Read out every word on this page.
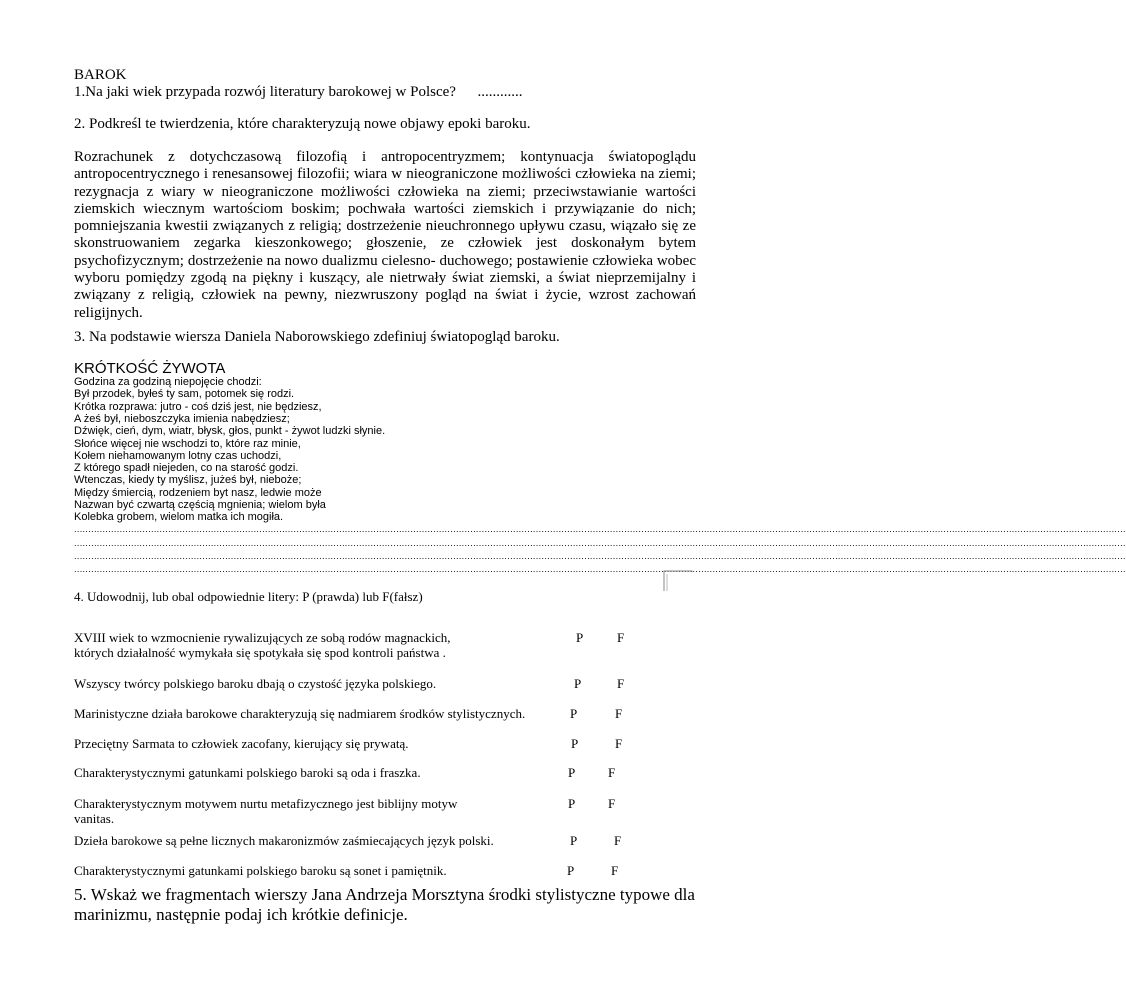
BAROK
1.Na jaki wiek przypada rozwój literatury barokowej w Polsce? ............
2. Podkreśl te twierdzenia, które charakteryzują nowe objawy epoki baroku.
Rozrachunek z dotychczasową filozofią i antropocentryzmem; kontynuacja światopoglądu antropocentrycznego i renesansowej filozofii; wiara w nieograniczone możliwości człowieka na ziemi; rezygnacja z wiary w nieograniczone możliwości człowieka na ziemi; przeciwstawianie wartości ziemskich wiecznym wartościom boskim; pochwała wartości ziemskich i przywiązanie do nich; pomniejszania kwestii związanych z religią; dostrzeżenie nieuchronnego upływu czasu, wiązało się ze skonstruowaniem zegarka kieszonkowego; głoszenie, ze człowiek jest doskonałym bytem psychofizycznym; dostrzeżenie na nowo dualizmu cielesno- duchowego; postawienie człowieka wobec wyboru pomiędzy zgodą na piękny i kuszący, ale nietrwały świat ziemski, a świat nieprzemijalny i związany z religią, człowiek na pewny, niezwruszony pogląd na świat i życie, wzrost zachowań religijnych.
3. Na podstawie wiersza Daniela Naborowskiego zdefiniuj światopogląd baroku.
KRÓTKOŚĆ ŻYWOTA
Godzina za godziną niepojęcie chodzi:
Był przodek, byłeś ty sam, potomek się rodzi.
Krótka rozprawa: jutro - coś dziś jest, nie będziesz,
A żeś był, nieboszczyka imienia nabędziesz;
Dźwięk, cień, dym, wiatr, błysk, głos, punkt - żywot ludzki słynie.
Słońce więcej nie wschodzi to, które raz minie,
Kołem niehamowanym lotny czas uchodzi,
Z którego spadł niejeden, co na starość godzi.
Wtenczas, kiedy ty myślisz, jużeś był, nieboże;
Między śmiercią, rodzeniem byt nasz, ledwie może
Nazwan być czwartą częścią mgnienia; wielom była
Kolebka grobem, wielom matka ich mogiła.
.................................................................................................................................................................................................................................................................................................................................................................................
.................................................................................................................................................................................................................................................................................................................................................................................
.................................................................................................................................................................................................................................................................................................................................................................................
.................................................................................................................................................................................................................................................................................................................................................................................
4. Udowodnij, lub obal odpowiednie litery: P (prawda) lub F(fałsz)
XVIII wiek to wzmocnienie rywalizujących ze sobą rodów magnackich,
których działalność wymykała się spotykała się spod kontroli państwa .
P	F
Wszyscy twórcy polskiego baroku dbają o czystość języka polskiego.	P	F
Marinistyczne działa barokowe charakteryzują się nadmiarem środków stylistycznych.	P	F
Przeciętny Sarmata to człowiek zacofany, kierujący się prywatą.	P	F
Charakterystycznymi gatunkami polskiego baroki są oda i fraszka.	P	F
Charakterystycznym motywem nurtu metafizycznego jest biblijny motyw
vanitas.
P	F
Dzieła barokowe są pełne licznych makaronizmów zaśmiecających język polski.	P	F
Charakterystycznymi gatunkami polskiego baroku są sonet i pamiętnik.	P	F
5. Wskaż we fragmentach wierszy Jana Andrzeja Morsztyna środki stylistyczne typowe dla
marinizmu, następnie podaj ich krótkie definicje.
